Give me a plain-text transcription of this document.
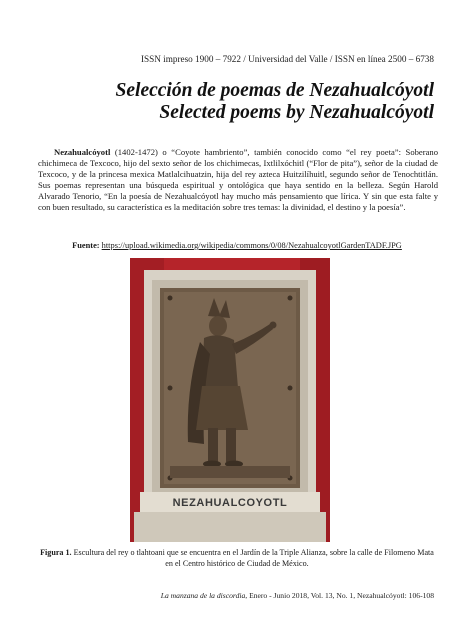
ISSN impreso 1900 – 7922 / Universidad del Valle / ISSN en línea 2500 – 6738
Selección de poemas de Nezahualcóyotl
Selected poems by Nezahualcóyotl

Nezahualcóyotl (1402-1472) o “Coyote hambriento”, también conocido como “el rey poeta”: Soberano chichimeca de Texcoco, hijo del sexto señor de los chichimecas, Ixtlilxóchitl (“Flor de pita”), señor de la ciudad de Texcoco, y de la princesa mexica Matlalcihuatzin, hija del rey azteca Huitzilíhuitl, segundo señor de Tenochtitlán. Sus poemas representan una búsqueda espiritual y ontológica que haya sentido en la belleza. Según Harold Alvarado Tenorio, “En la poesía de Nezahualcóyotl hay mucho más pensamiento que lírica. Y sin que esta falte y con buen resultado, su característica es la meditación sobre tres temas: la divinidad, el destino y la poesía”.

Fuente: https://upload.wikimedia.org/wikipedia/commons/0/08/NezahualcoyotlGardenTADF.JPG
NEZAHUALCOYOTL
Figura 1. Escultura del rey o tlahtoani que se encuentra en el Jardín de la Triple Alianza, sobre la calle de Filomeno Mata en el Centro histórico de Ciudad de México.
La manzana de la discordia, Enero - Junio 2018, Vol. 13, No. 1, Nezahualcóyotl: 106-108
